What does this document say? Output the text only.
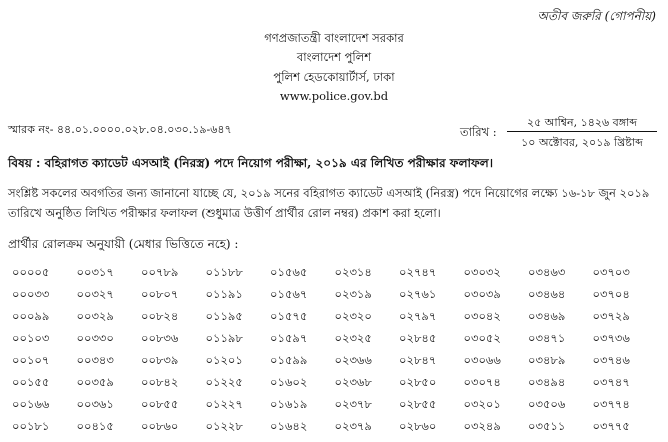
অতীব জরুরি (গোপনীয়)
গণপ্রজাতন্ত্রী বাংলাদেশ সরকার
বাংলাদেশ পুলিশ
পুলিশ হেডকোয়ার্টার্স, ঢাকা
www.police.gov.bd
স্মারক নং- ৪৪.০১.০০০০.০২৮.০৪.০৩০.১৯-৬৪৭	তারিখ :
২৫ আশ্বিন, ১৪২৬ বঙ্গাব্দ
১০ অক্টোবর, ২০১৯ খ্রিষ্টাব্দ
বিষয় : বহিরাগত ক্যাডেট এসআই (নিরস্ত্র) পদে নিয়োগ পরীক্ষা, ২০১৯ এর লিখিত পরীক্ষার ফলাফল।
সংশ্লিষ্ট সকলের অবগতির জন্য জানানো যাচ্ছে যে, ২০১৯ সনের বহিরাগত ক্যাডেট এসআই (নিরস্ত্র) পদে নিয়োগের লক্ষ্যে ১৬-১৮ জুন ২০১৯ তারিখে অনুষ্ঠিত লিখিত পরীক্ষার ফলাফল (শুধুমাত্র উত্তীর্ণ প্রার্থীর রোল নম্বর) প্রকাশ করা হলো।
প্রার্থীর রোলক্রম অনুযায়ী (মেধার ভিত্তিতে নহে) :
০০০০৫	০০৩১৭	০০৭৮৯	০১১৮৮	০১৫৬৫	০২৩১৪	০২৭৪৭	০৩০৩২	০৩৪৬৩	০৩৭০৩
০০০৩৩	০০৩২৭	০০৮০৭	০১১৯১	০১৫৬৭	০২৩১৯	০২৭৬১	০৩০৩৯	০৩৪৬৪	০৩৭০৪
০০০৯৯	০০৩২৯	০০৮২৪	০১১৯৫	০১৫৭৫	০২৩২০	০২৭৯৭	০৩০৪২	০৩৪৬৯	০৩৭২৯
০০১০৩	০০৩৩০	০০৮৩৬	০১১৯৮	০১৫৯৭	০২৩২৫	০২৮৪৫	০৩০৫২	০৩৪৭১	০৩৭৩৬
০০১০৭	০০৩৪৩	০০৮৩৯	০১২০১	০১৫৯৯	০২৩৬৬	০২৮৪৭	০৩০৬৬	০৩৪৮৯	০৩৭৪৬
০০১৫৫	০০৩৫৯	০০৮৪২	০১২২৫	০১৬০২	০২৩৬৮	০২৮৫০	০৩০৭৪	০৩৪৯৪	০৩৭৪৭
০০১৬৬	০০৩৬১	০০৮৫৫	০১২২৭	০১৬১৯	০২৩৭৮	০২৮৫৫	০৩২০১	০৩৫০৬	০৩৭৭৪
০০১৮১	০০৪১৫	০০৮৬০	০১২২৮	০১৬৪২	০২৩৭৯	০২৮৬০	০৩২৪৯	০৩৫১১	০৩৭৭৫
